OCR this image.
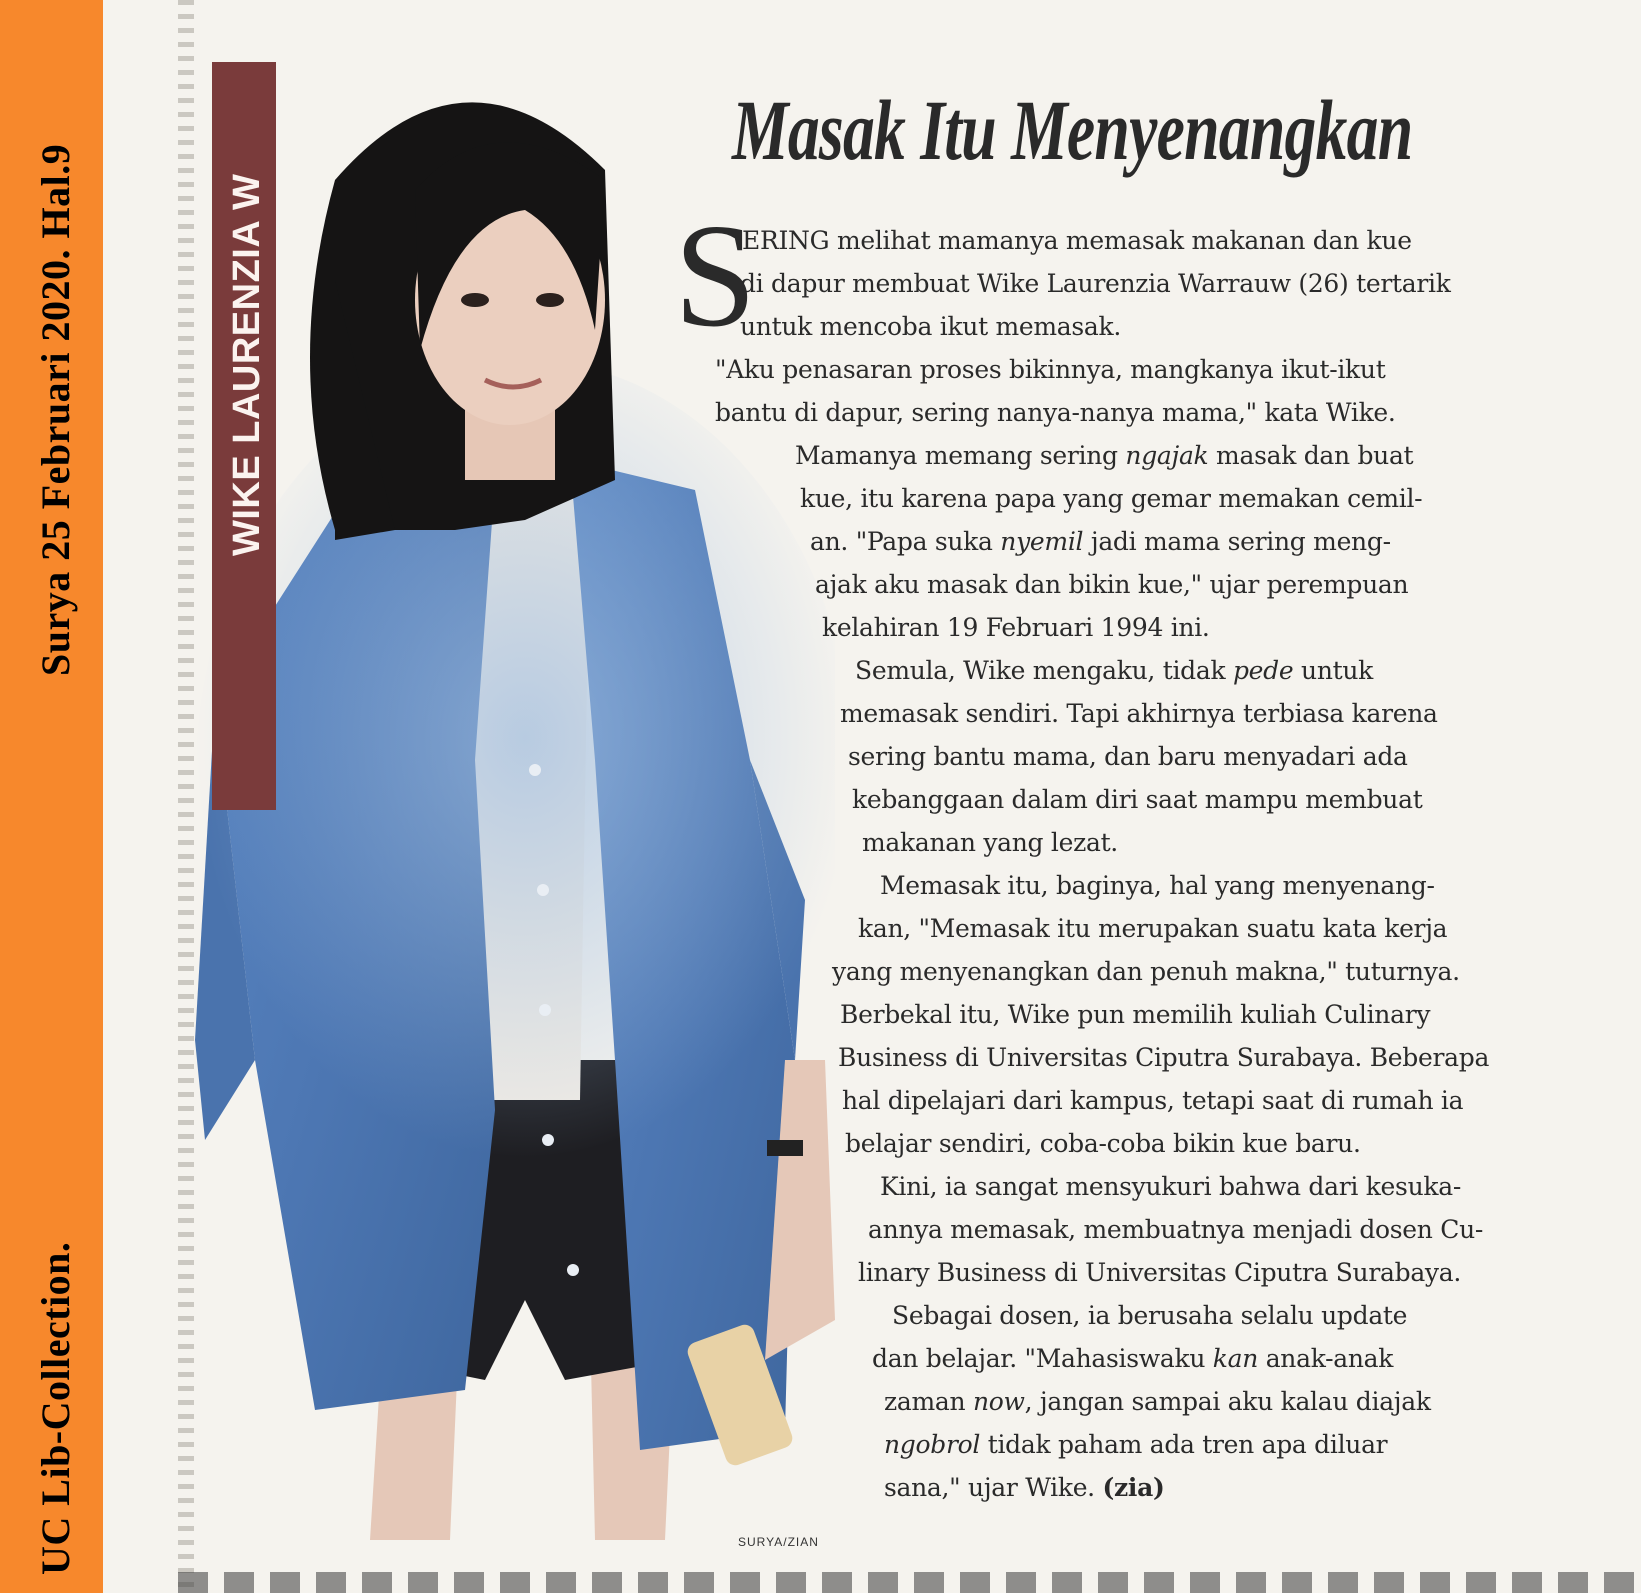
Surya 25 Februari 2020. Hal.9
UC Lib-Collection.
WIKE LAURENZIA W
SURYA/ZIAN
Masak Itu Menyenangkan
S
ERING melihat mamanya memasak makanan dan kue
di dapur membuat Wike Laurenzia Warrauw (26) tertarik
untuk mencoba ikut memasak.
"Aku penasaran proses bikinnya, mangkanya ikut-ikut
bantu di dapur, sering nanya-nanya mama," kata Wike.
Mamanya memang sering ngajak masak dan buat
kue, itu karena papa yang gemar memakan cemil-
an. "Papa suka nyemil jadi mama sering meng-
ajak aku masak dan bikin kue," ujar perempuan
kelahiran 19 Februari 1994 ini.
Semula, Wike mengaku, tidak pede untuk
memasak sendiri. Tapi akhirnya terbiasa karena
sering bantu mama, dan baru menyadari ada
kebanggaan dalam diri saat mampu membuat
makanan yang lezat.
Memasak itu, baginya, hal yang menyenang-
kan, "Memasak itu merupakan suatu kata kerja
yang menyenangkan dan penuh makna," tuturnya.
Berbekal itu, Wike pun memilih kuliah Culinary
Business di Universitas Ciputra Surabaya. Beberapa
hal dipelajari dari kampus, tetapi saat di rumah ia
belajar sendiri, coba-coba bikin kue baru.
Kini, ia sangat mensyukuri bahwa dari kesuka-
annya memasak, membuatnya menjadi dosen Cu-
linary Business di Universitas Ciputra Surabaya.
Sebagai dosen, ia berusaha selalu update
dan belajar. "Mahasiswaku kan anak-anak
zaman now, jangan sampai aku kalau diajak
ngobrol tidak paham ada tren apa diluar
sana," ujar Wike. (zia)
